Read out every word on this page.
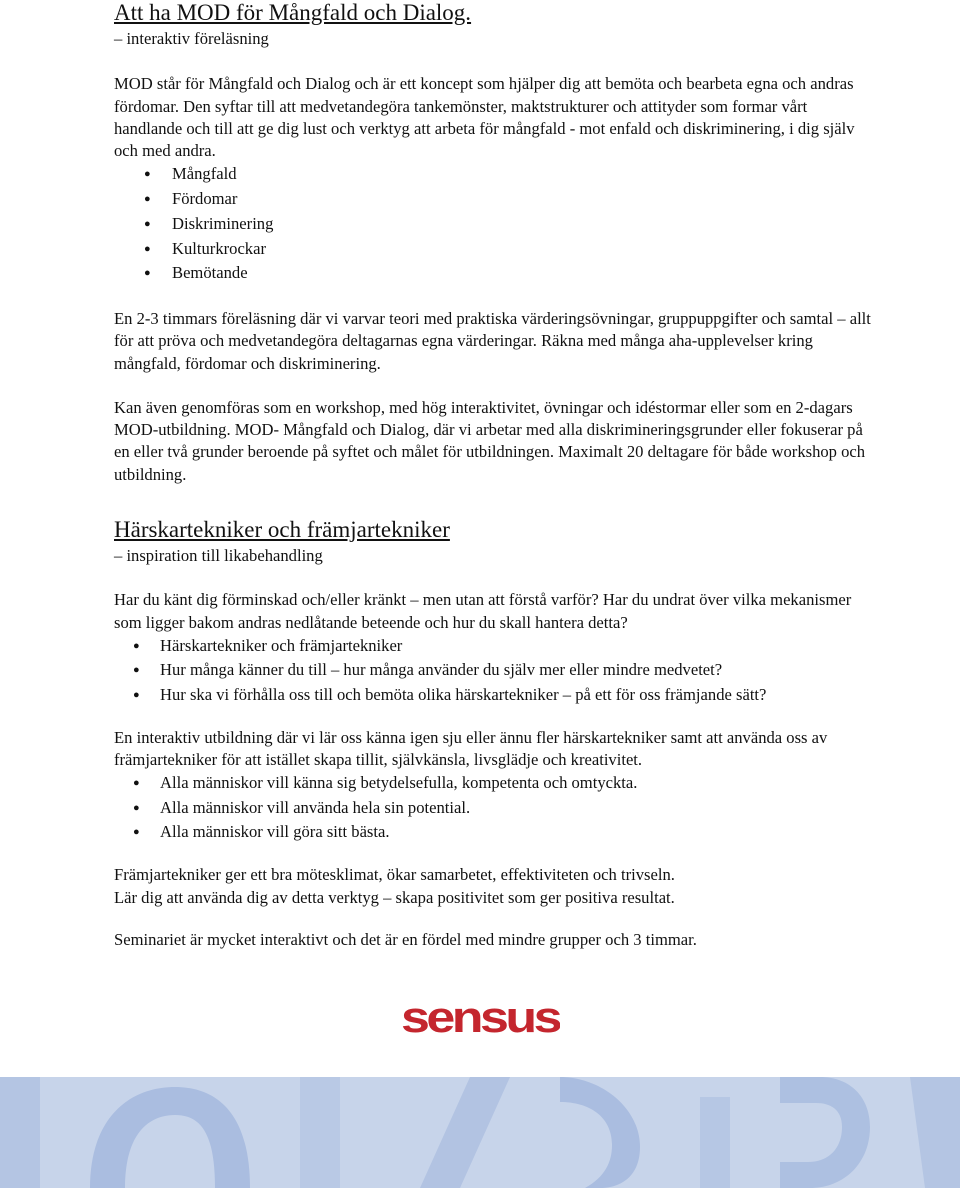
Att ha MOD för Mångfald och Dialog.

– interaktiv föreläsning

MOD står för Mångfald och Dialog och är ett koncept som hjälper dig att bemöta och bearbeta egna och andras fördomar. Den syftar till att medvetandegöra tankemönster, maktstrukturer och attityder som formar vårt handlande och till att ge dig lust och verktyg att arbeta för mångfald - mot enfald och diskriminering, i dig själv och med andra.

● Mångfald
● Fördomar
● Diskriminering
● Kulturkrockar
● Bemötande

En 2-3 timmars föreläsning där vi varvar teori med praktiska värderingsövningar, gruppuppgifter och samtal – allt för att pröva och medvetandegöra deltagarnas egna värderingar. Räkna med många aha-upplevelser kring mångfald, fördomar och diskriminering.

Kan även genomföras som en workshop, med hög interaktivitet, övningar och idéstormar eller som en 2-dagars MOD-utbildning. MOD- Mångfald och Dialog, där vi arbetar med alla diskrimineringsgrunder eller fokuserar på en eller två grunder beroende på syftet och målet för utbildningen. Maximalt 20 deltagare för både workshop och utbildning.

Härskartekniker och främjartekniker

– inspiration till likabehandling

Har du känt dig förminskad och/eller kränkt – men utan att förstå varför? Har du undrat över vilka mekanismer som ligger bakom andras nedlåtande beteende och hur du skall hantera detta?

● Härskartekniker och främjartekniker
● Hur många känner du till – hur många använder du själv mer eller mindre medvetet?
● Hur ska vi förhålla oss till och bemöta olika härskartekniker – på ett för oss främjande sätt?

En interaktiv utbildning där vi lär oss känna igen sju eller ännu fler härskartekniker samt att använda oss av främjartekniker för att istället skapa tillit, självkänsla, livsglädje och kreativitet.

● Alla människor vill känna sig betydelsefulla, kompetenta och omtyckta.
● Alla människor vill använda hela sin potential.
● Alla människor vill göra sitt bästa.

Främjartekniker ger ett bra mötesklimat, ökar samarbetet, effektiviteten och trivseln.

Lär dig att använda dig av detta verktyg – skapa positivitet som ger positiva resultat.

Seminariet är mycket interaktivt och det är en fördel med mindre grupper och 3 timmar.

sensus
